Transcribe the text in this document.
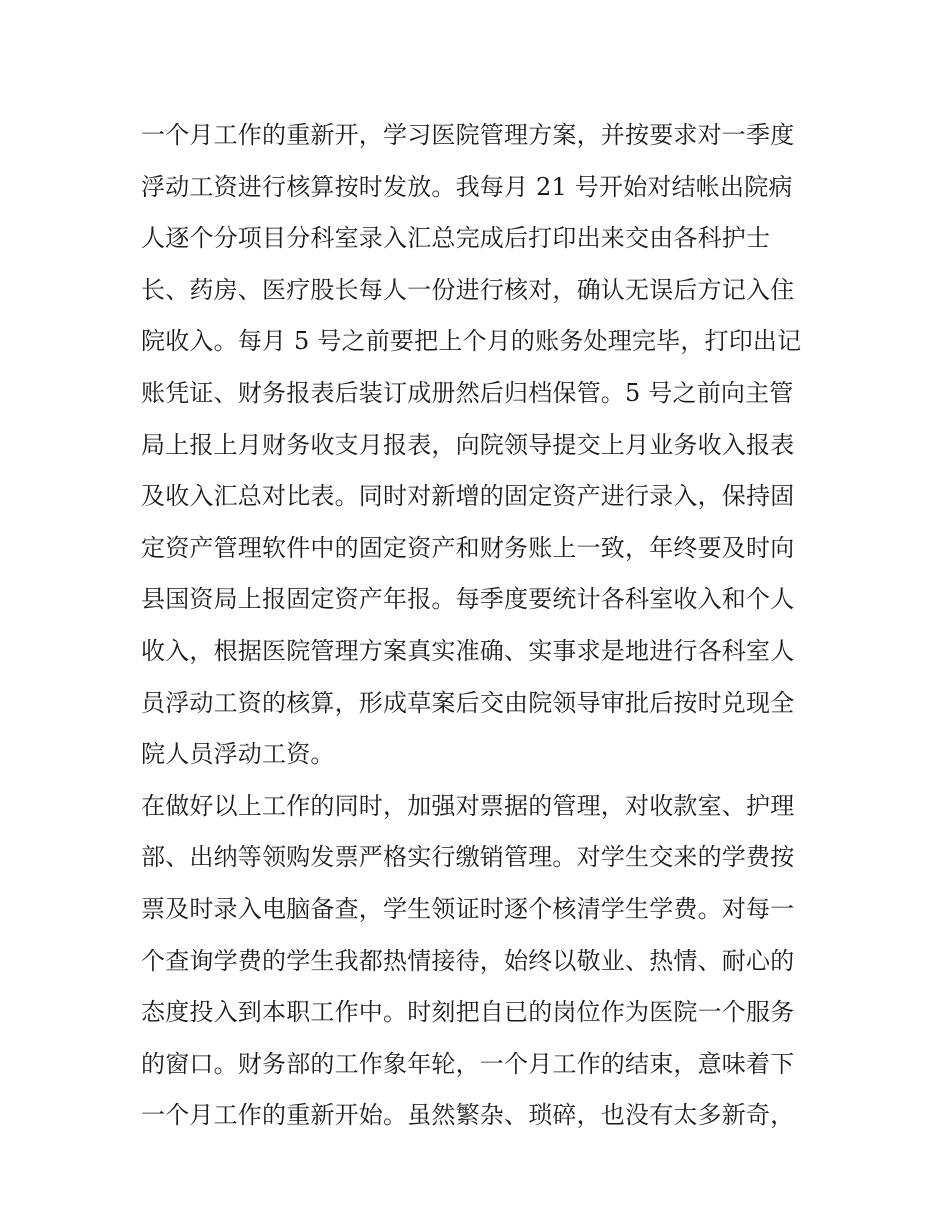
一个月工作的重新开，学习医院管理方案，并按要求对一季度
浮动工资进行核算按时发放。我每月 21 号开始对结帐出院病
人逐个分项目分科室录入汇总完成后打印出来交由各科护士
长、药房、医疗股长每人一份进行核对，确认无误后方记入住
院收入。每月 5 号之前要把上个月的账务处理完毕，打印出记
账凭证、财务报表后装订成册然后归档保管。5 号之前向主管
局上报上月财务收支月报表，向院领导提交上月业务收入报表
及收入汇总对比表。同时对新增的固定资产进行录入，保持固
定资产管理软件中的固定资产和财务账上一致，年终要及时向
县国资局上报固定资产年报。每季度要统计各科室收入和个人
收入，根据医院管理方案真实准确、实事求是地进行各科室人
员浮动工资的核算，形成草案后交由院领导审批后按时兑现全
院人员浮动工资。
在做好以上工作的同时，加强对票据的管理，对收款室、护理
部、出纳等领购发票严格实行缴销管理。对学生交来的学费按
票及时录入电脑备查，学生领证时逐个核清学生学费。对每一
个查询学费的学生我都热情接待，始终以敬业、热情、耐心的
态度投入到本职工作中。时刻把自已的岗位作为医院一个服务
的窗口。财务部的工作象年轮，一个月工作的结束，意味着下
一个月工作的重新开始。虽然繁杂、琐碎，也没有太多新奇，
